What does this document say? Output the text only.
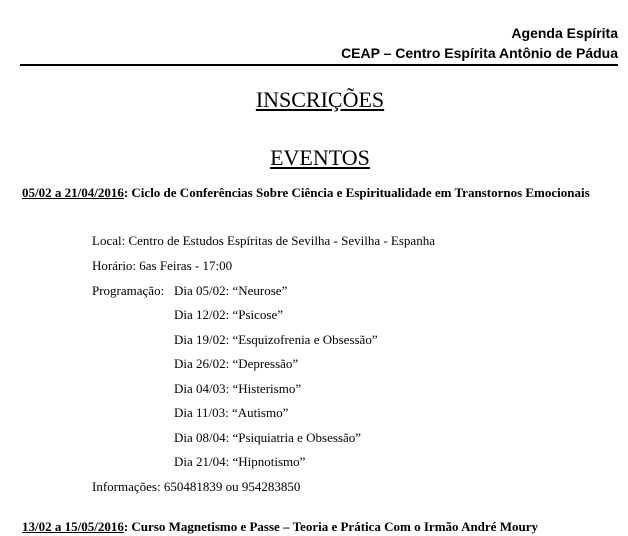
Agenda Espírita
CEAP – Centro Espírita Antônio de Pádua
INSCRIÇÕES
EVENTOS
05/02 a 21/04/2016: Ciclo de Conferências Sobre Ciência e Espiritualidade em Transtornos Emocionais
Local: Centro de Estudos Espíritas de Sevilha - Sevilha - Espanha
Horário: 6as Feiras - 17:00
Programação: Dia 05/02: “Neurose”
Dia 12/02: “Psicose”
Dia 19/02: “Esquizofrenia e Obsessão”
Dia 26/02: “Depressão”
Dia 04/03: “Histerismo”
Dia 11/03: “Autismo”
Dia 08/04: “Psiquiatria e Obsessão”
Dia 21/04: “Hipnotismo”
Informações: 650481839 ou 954283850
13/02 a 15/05/2016: Curso Magnetismo e Passe – Teoria e Prática Com o Irmão André Moury
